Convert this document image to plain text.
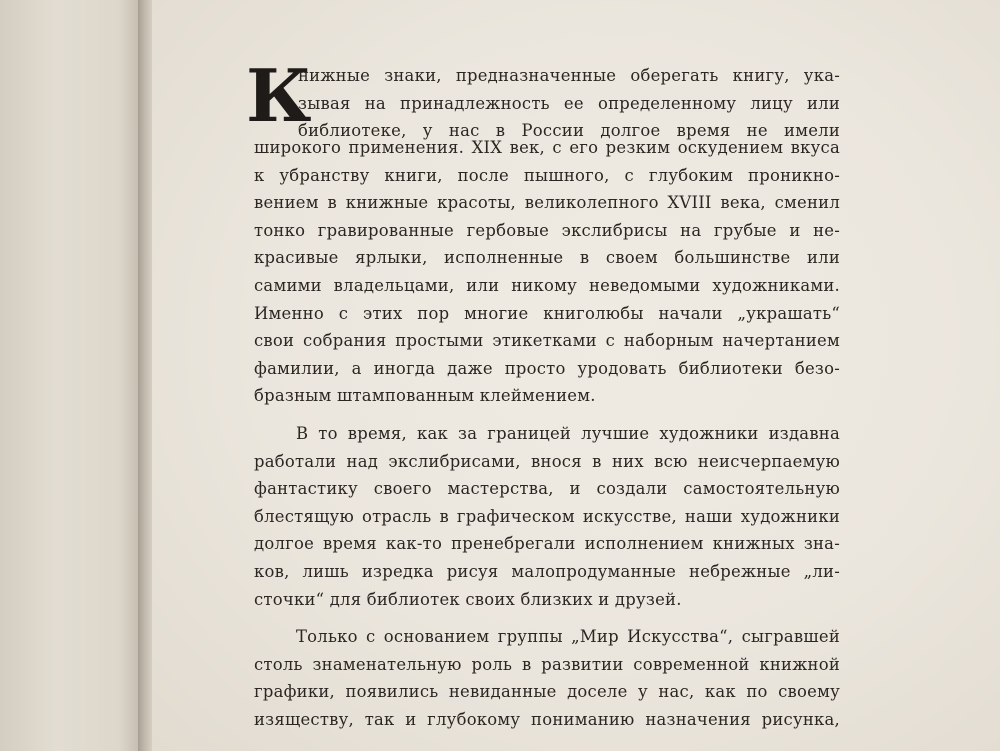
К
нижные знаки, предназначенные оберегать книгу, ука-
зывая на принадлежность ее определенному лицу или
библиотеке, у нас в России долгое время не имели
широкого применения. XIX век, с его резким оскудением вкуса
к убранству книги, после пышного, с глубоким проникно-
вением в книжные красоты, великолепного XVIII века, сменил
тонко гравированные гербовые экслибрисы на грубые и не-
красивые ярлыки, исполненные в своем большинстве или
самими владельцами, или никому неведомыми художниками.
Именно с этих пор многие книголюбы начали „украшать“
свои собрания простыми этикетками с наборным начертанием
фамилии, а иногда даже просто уродовать библиотеки безо-
бразным штампованным клеймением.
В то время, как за границей лучшие художники издавна
работали над экслибрисами, внося в них всю неисчерпаемую
фантастику своего мастерства, и создали самостоятельную
блестящую отрасль в графическом искусстве, наши художники
долгое время как-то пренебрегали исполнением книжных зна-
ков, лишь изредка рисуя малопродуманные небрежные „ли-
сточки“ для библиотек своих близких и друзей.
Только с основанием группы „Мир Искусства“, сыгравшей
столь знаменательную роль в развитии современной книжной
графики, появились невиданные доселе у нас, как по своему
изяществу, так и глубокому пониманию назначения рисунка,
